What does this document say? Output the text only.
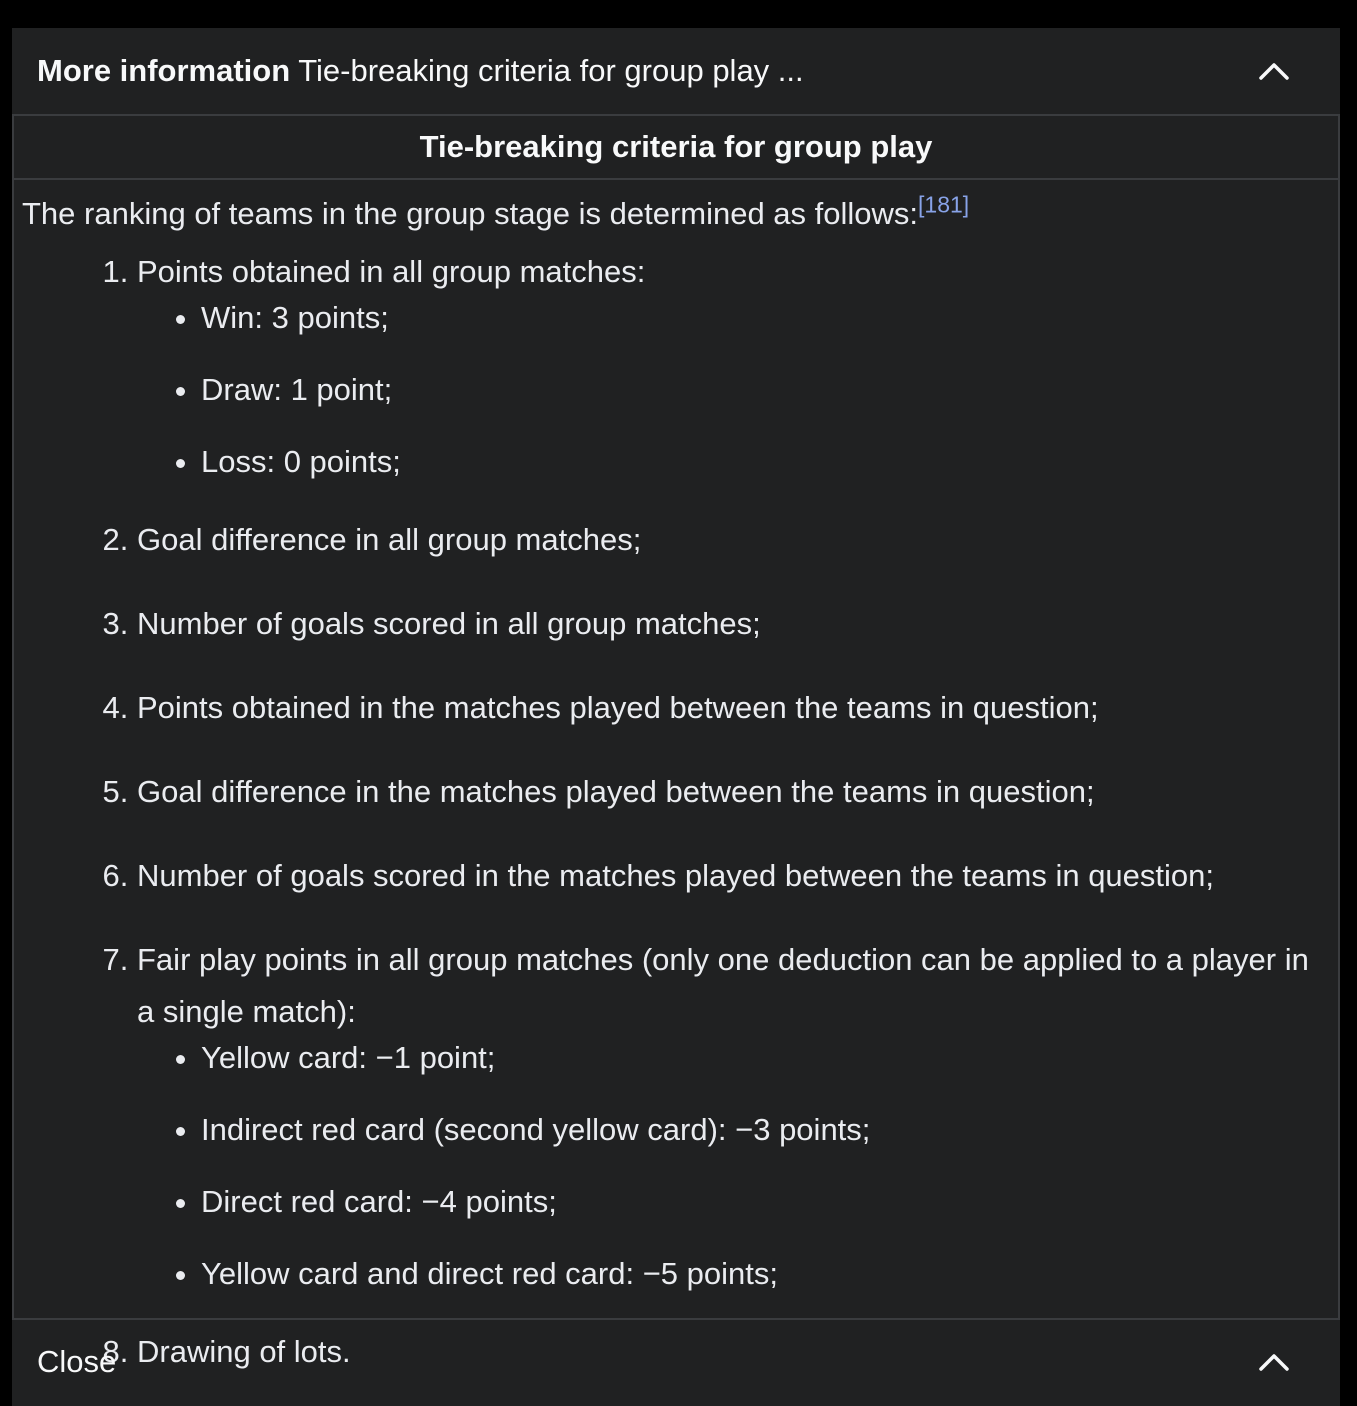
More information Tie-breaking criteria for group play ...
Tie-breaking criteria for group play

The ranking of teams in the group stage is determined as follows:[181]

1. Points obtained in all group matches:
• Win: 3 points;
• Draw: 1 point;
• Loss: 0 points;
2. Goal difference in all group matches;
3. Number of goals scored in all group matches;
4. Points obtained in the matches played between the teams in question;
5. Goal difference in the matches played between the teams in question;
6. Number of goals scored in the matches played between the teams in question;
7. Fair play points in all group matches (only one deduction can be applied to a player in a single match):
• Yellow card: −1 point;
• Indirect red card (second yellow card): −3 points;
• Direct red card: −4 points;
• Yellow card and direct red card: −5 points;
8. Drawing of lots.
Close
